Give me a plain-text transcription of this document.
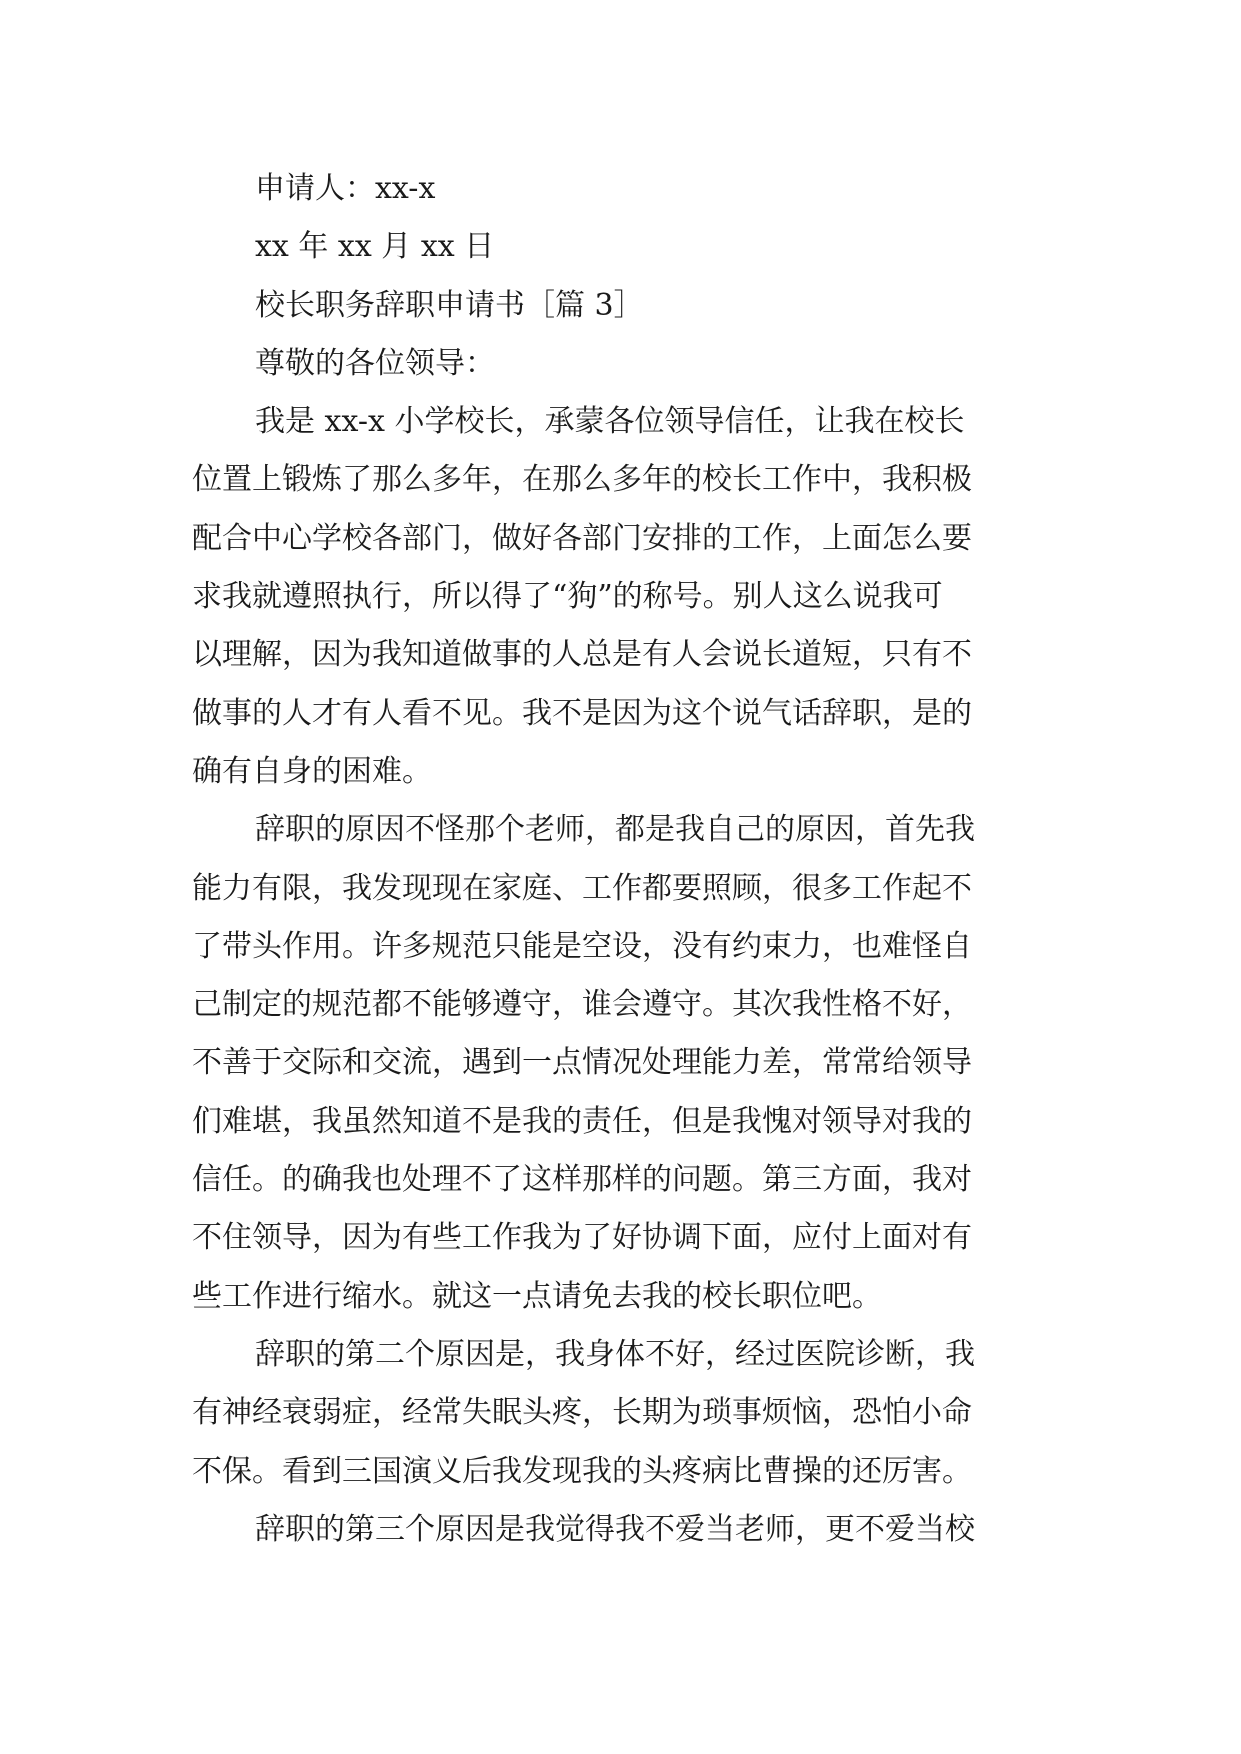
申请人：xx-x
xx 年 xx 月 xx 日
校长职务辞职申请书［篇 3］
尊敬的各位领导：
我是 xx-x 小学校长，承蒙各位领导信任，让我在校长
位置上锻炼了那么多年，在那么多年的校长工作中，我积极
配合中心学校各部门，做好各部门安排的工作，上面怎么要
求我就遵照执行，所以得了“狗”的称号。别人这么说我可
以理解，因为我知道做事的人总是有人会说长道短，只有不
做事的人才有人看不见。我不是因为这个说气话辞职，是的
确有自身的困难。
辞职的原因不怪那个老师，都是我自己的原因，首先我
能力有限，我发现现在家庭、工作都要照顾，很多工作起不
了带头作用。许多规范只能是空设，没有约束力，也难怪自
己制定的规范都不能够遵守，谁会遵守。其次我性格不好，
不善于交际和交流，遇到一点情况处理能力差，常常给领导
们难堪，我虽然知道不是我的责任，但是我愧对领导对我的
信任。的确我也处理不了这样那样的问题。第三方面，我对
不住领导，因为有些工作我为了好协调下面，应付上面对有
些工作进行缩水。就这一点请免去我的校长职位吧。
辞职的第二个原因是，我身体不好，经过医院诊断，我
有神经衰弱症，经常失眠头疼，长期为琐事烦恼，恐怕小命
不保。看到三国演义后我发现我的头疼病比曹操的还厉害。
辞职的第三个原因是我觉得我不爱当老师，更不爱当校
